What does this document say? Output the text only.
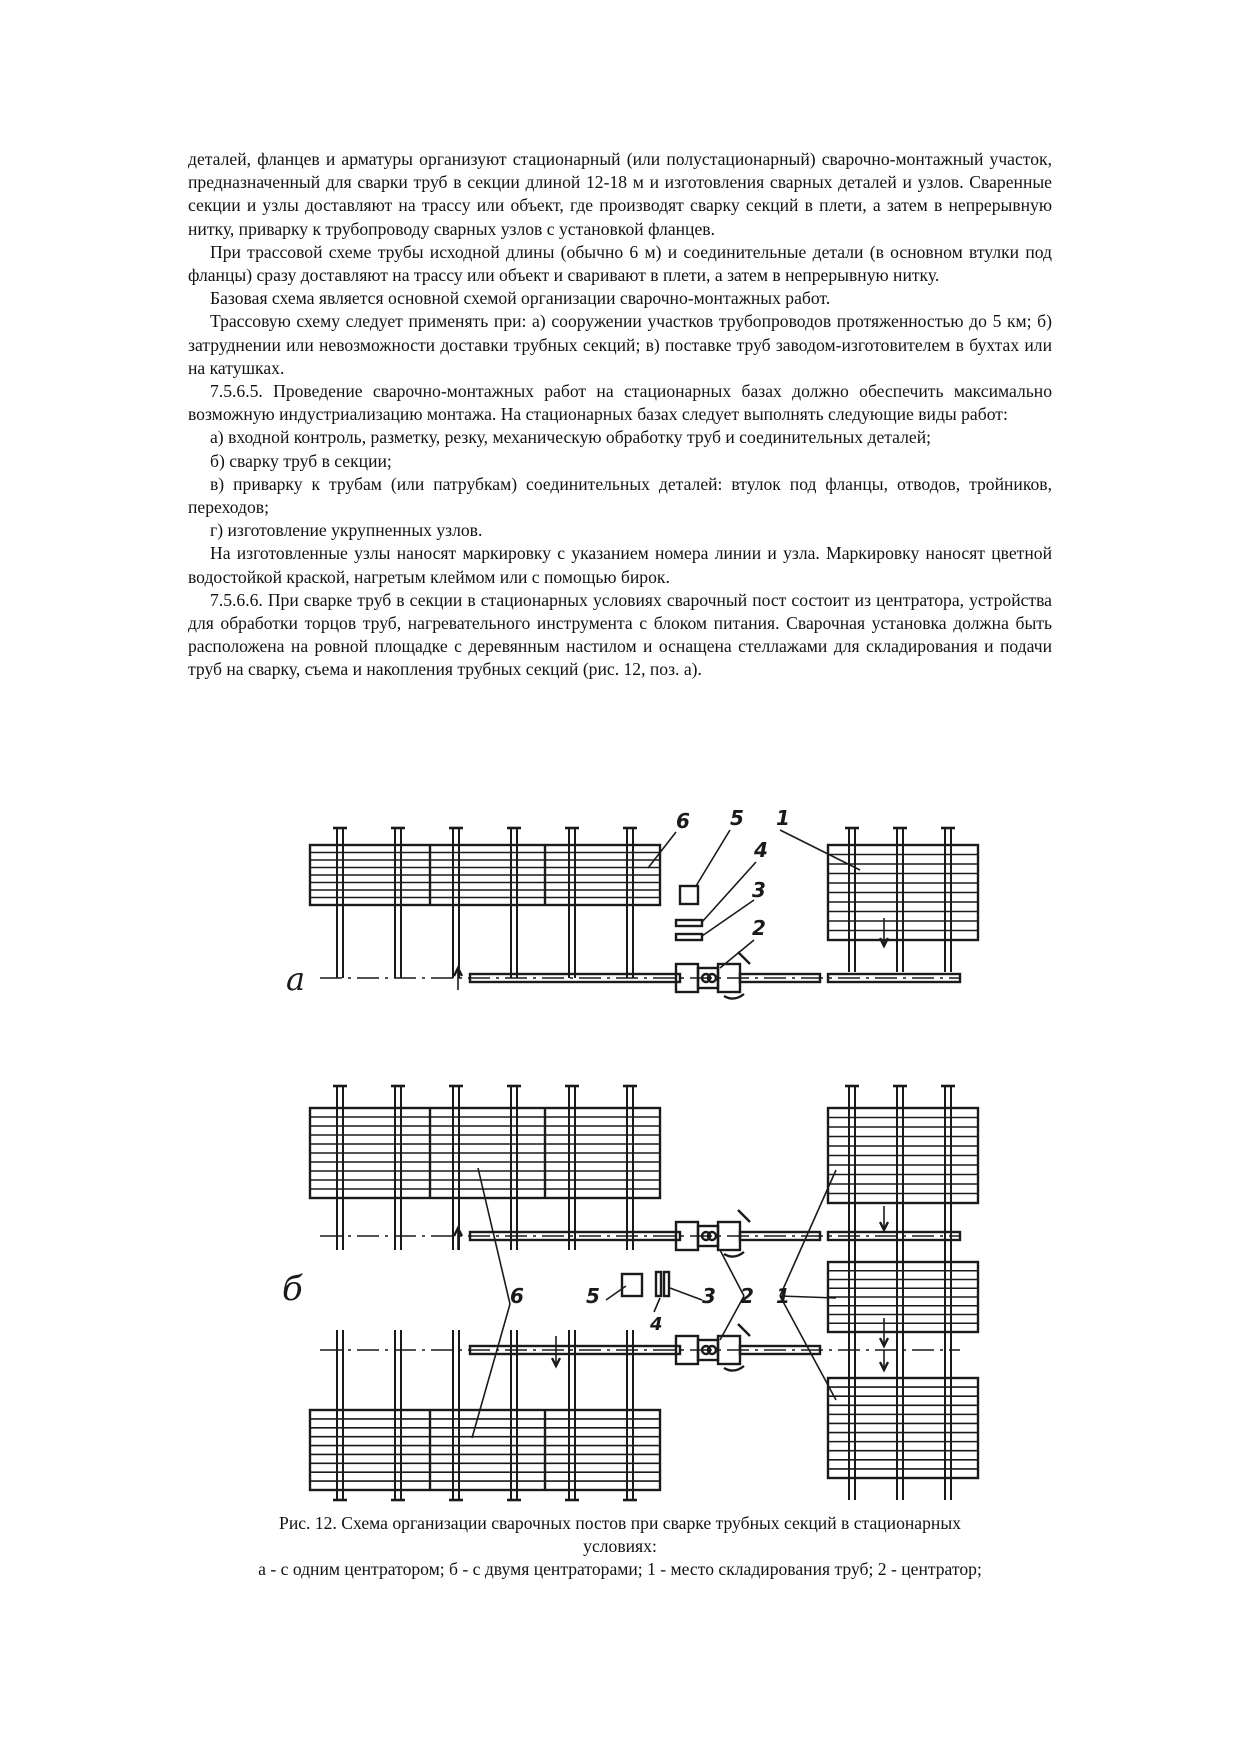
деталей, фланцев и арматуры организуют стационарный (или полустационарный) сварочно-монтажный участок, предназначенный для сварки труб в секции длиной 12-18 м и изготовления сварных деталей и узлов. Сваренные секции и узлы доставляют на трассу или объект, где производят сварку секций в плети, а затем в непрерывную нитку, приварку к трубопроводу сварных узлов с установкой фланцев.

При трассовой схеме трубы исходной длины (обычно 6 м) и соединительные детали (в основном втулки под фланцы) сразу доставляют на трассу или объект и сваривают в плети, а затем в непрерывную нитку.

Базовая схема является основной схемой организации сварочно-монтажных работ.

Трассовую схему следует применять при: а) сооружении участков трубопроводов протяженностью до 5 км; б) затруднении или невозможности доставки трубных секций; в) поставке труб заводом-изготовителем в бухтах или на катушках.

7.5.6.5. Проведение сварочно-монтажных работ на стационарных базах должно обеспечить максимально возможную индустриализацию монтажа. На стационарных базах следует выполнять следующие виды работ:

а) входной контроль, разметку, резку, механическую обработку труб и соединительных деталей;

б) сварку труб в секции;

в) приварку к трубам (или патрубкам) соединительных деталей: втулок под фланцы, отводов, тройников, переходов;

г) изготовление укрупненных узлов.

На изготовленные узлы наносят маркировку с указанием номера линии и узла. Маркировку наносят цветной водостойкой краской, нагретым клеймом или с помощью бирок.

7.5.6.6. При сварке труб в секции в стационарных условиях сварочный пост состоит из центратора, устройства для обработки торцов труб, нагревательного инструмента с блоком питания. Сварочная установка должна быть расположена на ровной площадке с деревянным настилом и оснащена стеллажами для складирования и подачи труб на сварку, съема и накопления трубных секций (рис. 12, поз. а).

а
б
6 5 1
4
3
2
6	5
4
3 2 1
Рис. 12. Схема организации сварочных постов при сварке трубных секций в стационарных
условиях:
а - с одним центратором; б - с двумя центраторами; 1 - место складирования труб; 2 - центратор;
